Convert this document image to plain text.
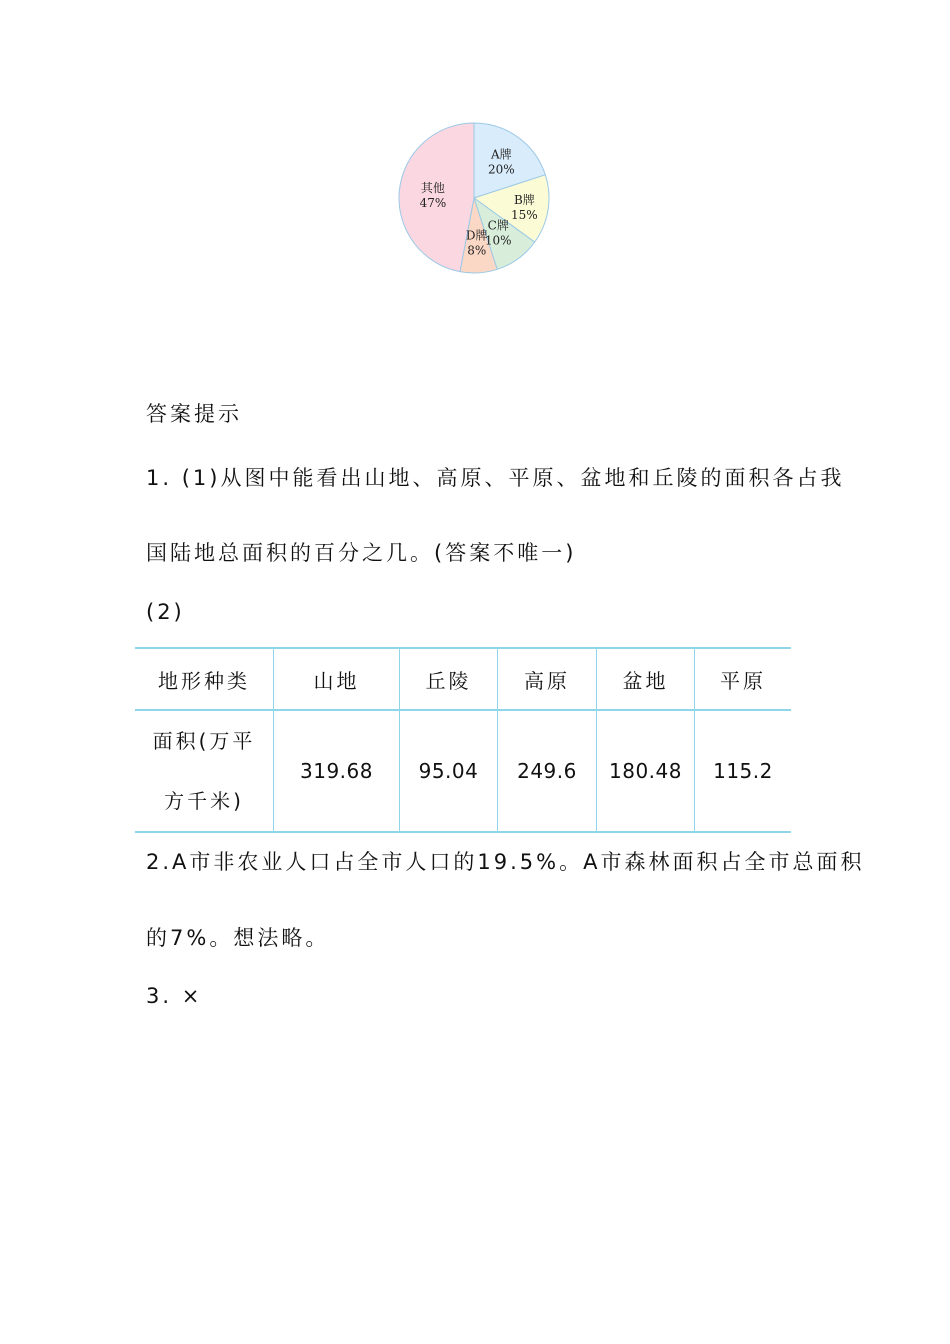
A牌
20%
B牌
15%
C牌
10%
D牌
8%
其他
47%
答案提示
1. (1)从图中能看出山地、高原、平原、盆地和丘陵的面积各占我
国陆地总面积的百分之几。(答案不唯一)
(2)
地形种类	山地	丘陵	高原	盆地	平原

面积(万平
方千米)	319.68	95.04	249.6	180.48	115.2
2.A市非农业人口占全市人口的19.5%。A市森林面积占全市总面积
的7%。想法略。
3. ×
